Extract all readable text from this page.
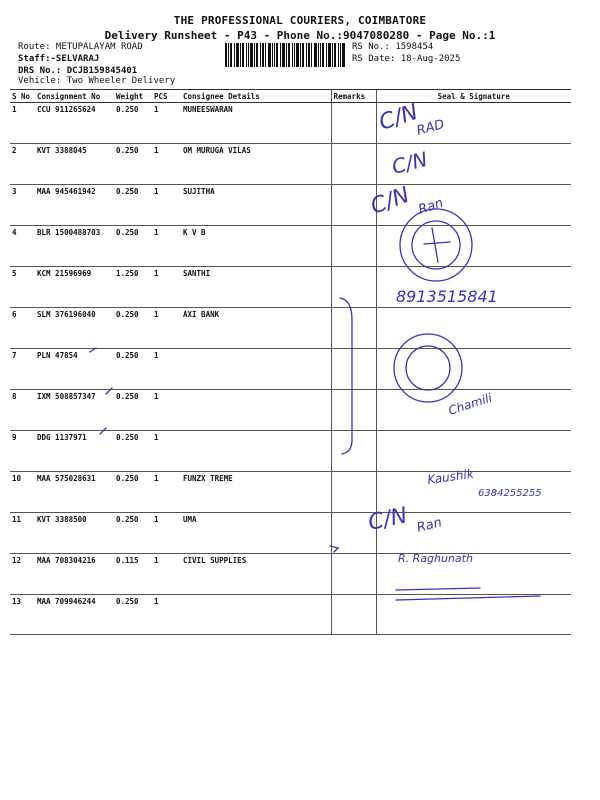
THE PROFESSIONAL COURIERS, COIMBATORE
Delivery Runsheet - P43 - Phone No.:9047080280 - Page No.:1
Route: METUPALAYAM ROAD
Staff:-SELVARAJ
DRS No.: DCJB159845401
Vehicle: Two Wheeler Delivery
RS No.: 1598454
RS Date: 18-Aug-2025
S No	Consignment No	Weight	PCS	Consignee Details	Remarks	Seal & Signature
1	CCU 911265624	0.250	1	MUNEESWARAN		
2	KVT 3388045	0.250	1	OM MURUGA VILAS		
3	MAA 945461942	0.250	1	SUJITHA		
4	BLR 1500488703	0.250	1	K V B		
5	KCM 21596969	1.250	1	SANTHI		
6	SLM 376196040	0.250	1	AXI BANK		
7	PLN 47854	0.250	1			
8	IXM 508857347	0.250	1			
9	DDG 1137971	0.250	1			
10	MAA 575028631	0.250	1	FUNZX TREME		
11	KVT 3388500	0.250	1	UMA		
12	MAA 708304216	0.115	1	CIVIL SUPPLIES		
13	MAA 709946244	0.250	1			
C/N
RAD
C/N
C/N Ran
8913515841
Chamili
Kaushik
6384255255
C/N Ran
R. Raghunath
